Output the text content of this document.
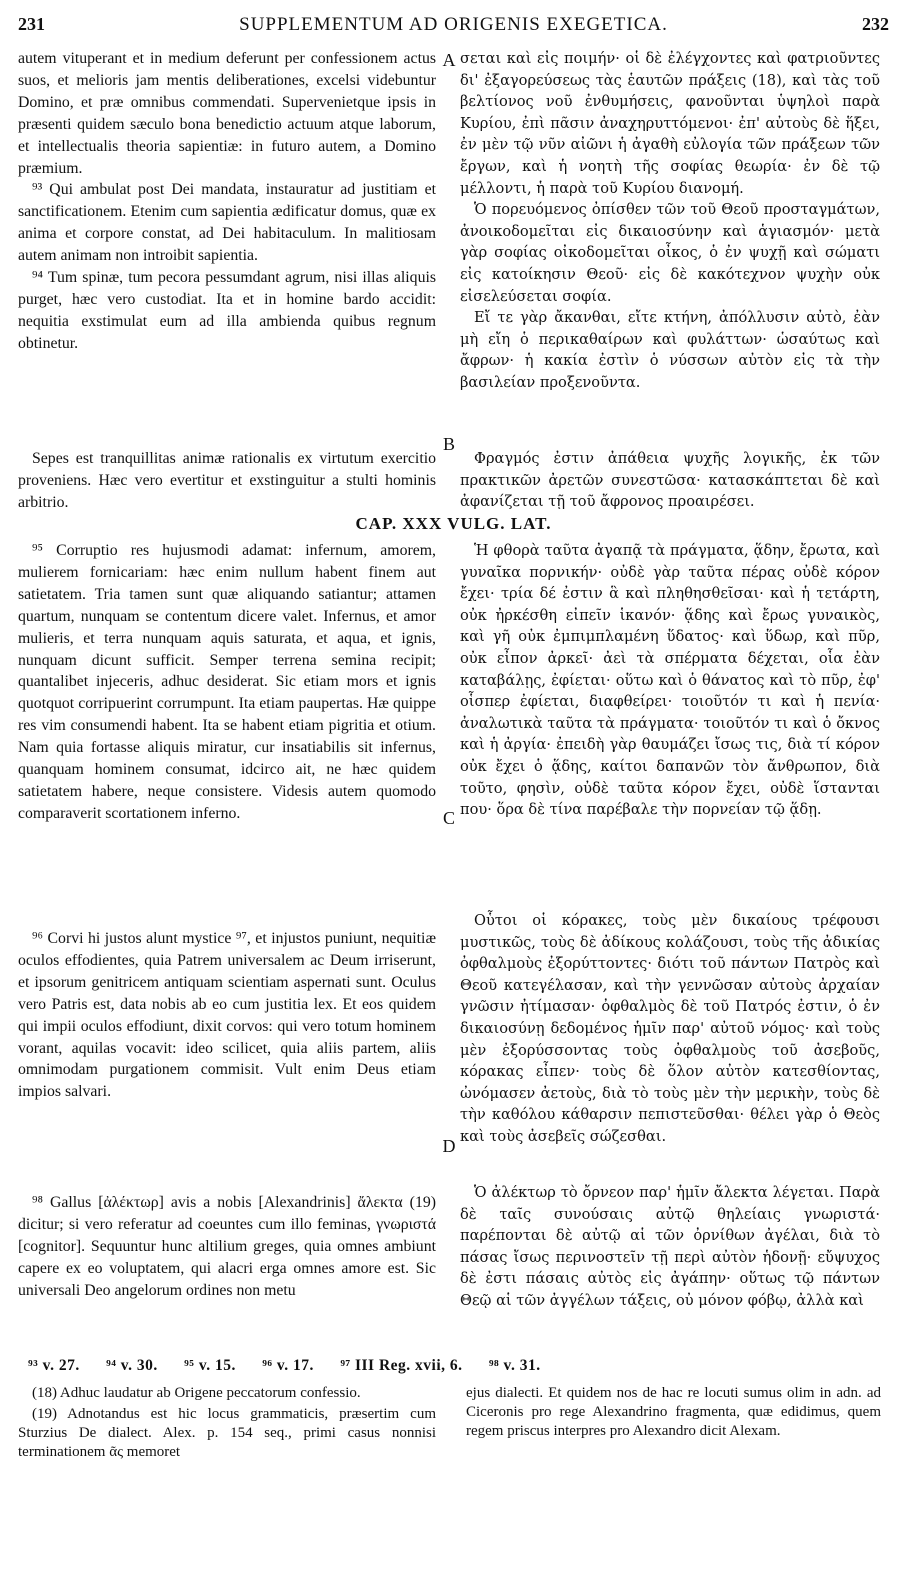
231	SUPPLEMENTUM AD ORIGENIS EXEGETICA.	232

autem vituperant et in medium deferunt per confessionem actus suos, et melioris jam mentis deliberationes, excelsi videbuntur Domino, et præ omnibus commendati. Supervenietque ipsis in præsenti quidem sæculo bona benedictio actuum atque laborum, et intellectualis theoria sapientiæ: in futuro autem, a Domino præmium.

⁹³ Qui ambulat post Dei mandata, instauratur ad justitiam et sanctificationem. Etenim cum sapientia ædificatur domus, quæ ex anima et corpore constat, ad Dei habitaculum. In malitiosam autem animam non introibit sapientia.

⁹⁴ Tum spinæ, tum pecora pessumdant agrum, nisi illas aliquis purget, hæc vero custodiat. Ita et in homine bardo accidit: nequitia exstimulat eum ad illa ambienda quibus regnum obtinetur.

Sepes est tranquillitas animæ rationalis ex virtutum exercitio proveniens. Hæc vero evertitur et exstinguitur a stulti hominis arbitrio.

σεται καὶ εἰς ποιμήν· οἱ δὲ ἐλέγχοντες καὶ φατριοῦντες δι' ἐξαγορεύσεως τὰς ἑαυτῶν πράξεις (18), καὶ τὰς τοῦ βελτίονος νοῦ ἐνθυμήσεις, φανοῦνται ὑψηλοὶ παρὰ Κυρίου, ἐπὶ πᾶσιν ἀναχηρυττόμενοι· ἐπ' αὐτοὺς δὲ ἥξει, ἐν μὲν τῷ νῦν αἰῶνι ἡ ἀγαθὴ εὐλογία τῶν πράξεων τῶν ἔργων, καὶ ἡ νοητὴ τῆς σοφίας θεωρία· ἐν δὲ τῷ μέλλοντι, ἡ παρὰ τοῦ Κυρίου διανομή.

Ὁ πορευόμενος ὀπίσθεν τῶν τοῦ Θεοῦ προσταγμάτων, ἀνοικοδομεῖται εἰς δικαιοσύνην καὶ ἁγιασμόν· μετὰ γὰρ σοφίας οἰκοδομεῖται οἶκος, ὁ ἐν ψυχῇ καὶ σώματι εἰς κατοίκησιν Θεοῦ· εἰς δὲ κακότεχνον ψυχὴν οὐκ εἰσελεύσεται σοφία.

Εἴ τε γὰρ ἄκανθαι, εἴτε κτήνη, ἀπόλλυσιν αὐτὸ, ἐὰν μὴ εἴη ὁ περικαθαίρων καὶ φυλάττων· ὡσαύτως καὶ ἄφρων· ἡ κακία ἐστὶν ὁ νύσσων αὐτὸν εἰς τὰ τὴν βασιλείαν προξενοῦντα.

Φραγμός ἐστιν ἀπάθεια ψυχῆς λογικῆς, ἐκ τῶν πρακτικῶν ἀρετῶν συνεστῶσα· κατασκάπτεται δὲ καὶ ἀφανίζεται τῇ τοῦ ἄφρονος προαιρέσει.

A
B
C
D
CAP. XXX VULG. LAT.

⁹⁵ Corruptio res hujusmodi adamat: infernum, amorem, mulierem fornicariam: hæc enim nullum habent finem aut satietatem. Tria tamen sunt quæ aliquando satiantur; attamen quartum, nunquam se contentum dicere valet. Infernus, et amor mulieris, et terra nunquam aquis saturata, et aqua, et ignis, nunquam dicunt sufficit. Semper terrena semina recipit; quantalibet injeceris, adhuc desiderat. Sic etiam mors et ignis quotquot corripuerint corrumpunt. Ita etiam paupertas. Hæ quippe res vim consumendi habent. Ita se habent etiam pigritia et otium. Nam quia fortasse aliquis miratur, cur insatiabilis sit infernus, quanquam hominem consumat, idcirco ait, ne hæc quidem satietatem habere, neque consistere. Videsis autem quomodo comparaverit scortationem inferno.

⁹⁶ Corvi hi justos alunt mystice ⁹⁷, et injustos puniunt, nequitiæ oculos effodientes, quia Patrem universalem ac Deum irriserunt, et ipsorum genitricem antiquam scientiam aspernati sunt. Oculus vero Patris est, data nobis ab eo cum justitia lex. Et eos quidem qui impii oculos effodiunt, dixit corvos: qui vero totum hominem vorant, aquilas vocavit: ideo scilicet, quia aliis partem, aliis omnimodam purgationem commisit. Vult enim Deus etiam impios salvari.

⁹⁸ Gallus [ἀλέκτωρ] avis a nobis [Alexandrinis] ἄλεκτα (19) dicitur; si vero referatur ad coeuntes cum illo feminas, γνωριστά [cognitor]. Sequuntur hunc altilium greges, quia omnes ambiunt capere ex eo voluptatem, qui alacri erga omnes amore est. Sic universali Deo angelorum ordines non metu

Ἡ φθορὰ ταῦτα ἀγαπᾷ τὰ πράγματα, ᾅδην, ἔρωτα, καὶ γυναῖκα πορνικήν· οὐδὲ γὰρ ταῦτα πέρας οὐδὲ κόρον ἔχει· τρία δέ ἐστιν ἃ καὶ πληθησθεῖσαι· καὶ ἡ τετάρτη, οὐκ ἠρκέσθη εἰπεῖν ἱκανόν· ᾅδης καὶ ἔρως γυναικὸς, καὶ γῆ οὐκ ἐμπιμπλαμένη ὕδατος· καὶ ὕδωρ, καὶ πῦρ, οὐκ εἶπον ἀρκεῖ· ἀεὶ τὰ σπέρματα δέχεται, οἷα ἐὰν καταβάλῃς, ἐφίεται· οὕτω καὶ ὁ θάνατος καὶ τὸ πῦρ, ἐφ' οἷσπερ ἐφίεται, διαφθείρει· τοιοῦτόν τι καὶ ἡ πενία· ἀναλωτικὰ ταῦτα τὰ πράγματα· τοιοῦτόν τι καὶ ὁ ὄκνος καὶ ἡ ἀργία· ἐπειδὴ γὰρ θαυμάζει ἴσως τις, διὰ τί κόρον οὐκ ἔχει ὁ ᾅδης, καίτοι δαπανῶν τὸν ἄνθρωπον, διὰ τοῦτο, φησὶν, οὐδὲ ταῦτα κόρον ἔχει, οὐδὲ ἵστανται που· ὅρα δὲ τίνα παρέβαλε τὴν πορνείαν τῷ ᾅδῃ.

Οὗτοι οἱ κόρακες, τοὺς μὲν δικαίους τρέφουσι μυστικῶς, τοὺς δὲ ἀδίκους κολάζουσι, τοὺς τῆς ἀδικίας ὀφθαλμοὺς ἐξορύττοντες· διότι τοῦ πάντων Πατρὸς καὶ Θεοῦ κατεγέλασαν, καὶ τὴν γεννῶσαν αὐτοὺς ἀρχαίαν γνῶσιν ἠτίμασαν· ὀφθαλμὸς δὲ τοῦ Πατρός ἐστιν, ὁ ἐν δικαιοσύνῃ δεδομένος ἡμῖν παρ' αὐτοῦ νόμος· καὶ τοὺς μὲν ἐξορύσσοντας τοὺς ὀφθαλμοὺς τοῦ ἀσεβοῦς, κόρακας εἶπεν· τοὺς δὲ ὅλον αὐτὸν κατεσθίοντας, ὠνόμασεν ἀετοὺς, διὰ τὸ τοὺς μὲν τὴν μερικὴν, τοὺς δὲ τὴν καθόλου κάθαρσιν πεπιστεῦσθαι· θέλει γὰρ ὁ Θεὸς καὶ τοὺς ἀσεβεῖς σώζεσθαι.

Ὁ ἀλέκτωρ τὸ ὄρνεον παρ' ἡμῖν ἄλεκτα λέγεται. Παρὰ δὲ ταῖς συνούσαις αὐτῷ θηλείαις γνωριστά· παρέπονται δὲ αὐτῷ αἱ τῶν ὀρνίθων ἀγέλαι, διὰ τὸ πάσας ἴσως περινοστεῖν τῇ περὶ αὐτὸν ἡδονῇ· εὔψυχος δὲ ἐστι πάσαις αὐτὸς εἰς ἀγάπην· οὕτως τῷ πάντων Θεῷ αἱ τῶν ἀγγέλων τάξεις, οὐ μόνον φόβῳ, ἀλλὰ καὶ

⁹³ v. 27. ⁹⁴ v. 30. ⁹⁵ v. 15. ⁹⁶ v. 17. ⁹⁷ III Reg. xvii, 6. ⁹⁸ v. 31.

(18) Adhuc laudatur ab Origene peccatorum confessio.

(19) Adnotandus est hic locus grammaticis, præsertim cum Sturzius De dialect. Alex. p. 154 seq., primi casus nonnisi terminationem ᾶς memoret

ejus dialecti. Et quidem nos de hac re locuti sumus olim in adn. ad Ciceronis pro rege Alexandrino fragmenta, quæ edidimus, quem regem priscus interpres pro Alexandro dicit Alexam.
